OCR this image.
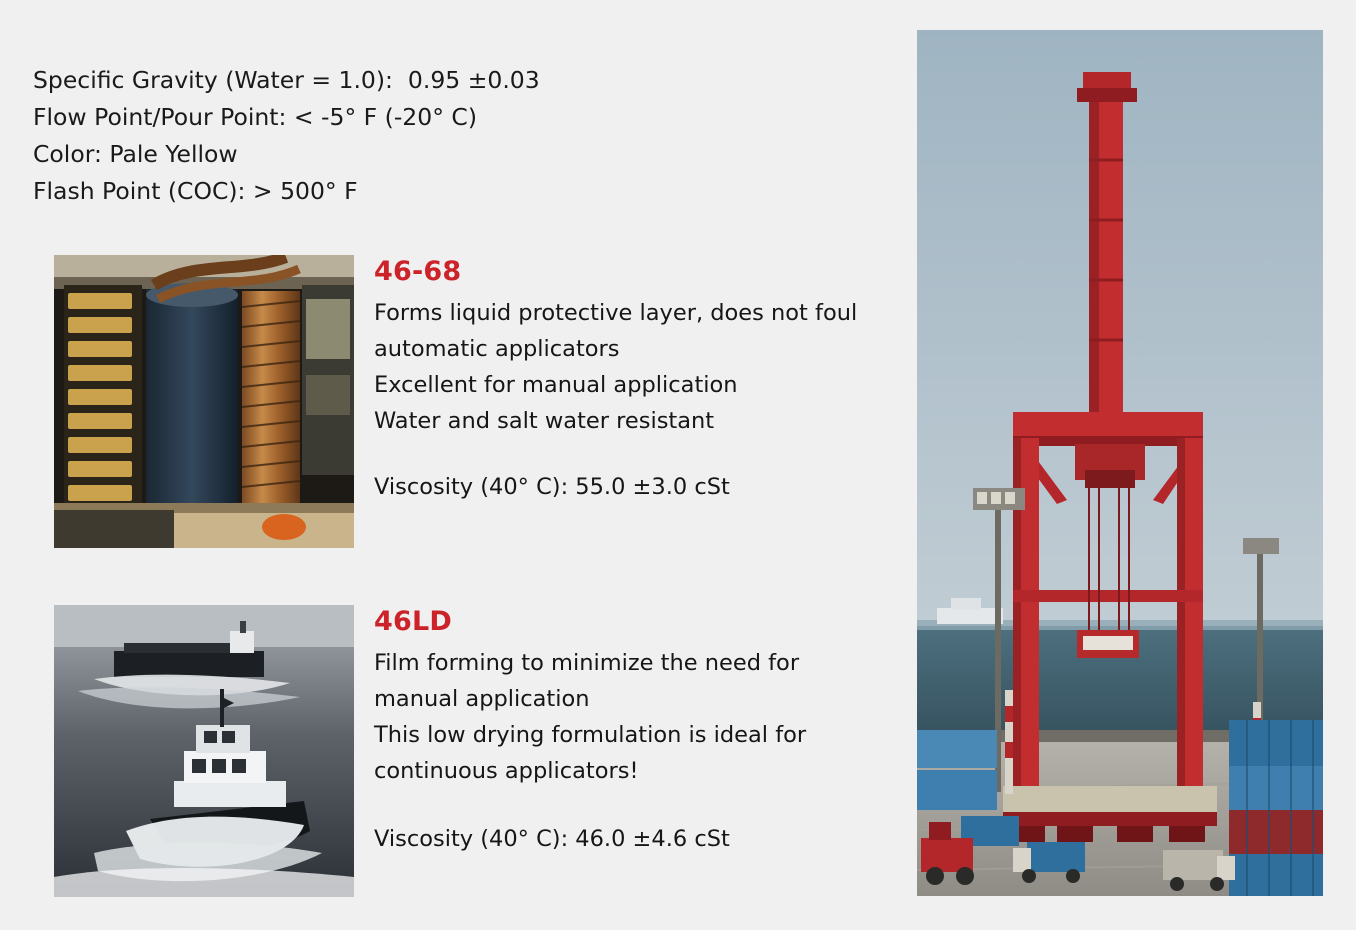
Specific Gravity (Water = 1.0):  0.95 ±0.03
Flow Point/Pour Point: < -5° F (-20° C)
Color: Pale Yellow
Flash Point (COC): > 500° F
46-68
Forms liquid protective layer, does not foul
automatic applicators
Excellent for manual application
Water and salt water resistant
Viscosity (40° C): 55.0 ±3.0 cSt
46LD
Film forming to minimize the need for
manual application
This low drying formulation is ideal for
continuous applicators!
Viscosity (40° C): 46.0 ±4.6 cSt
